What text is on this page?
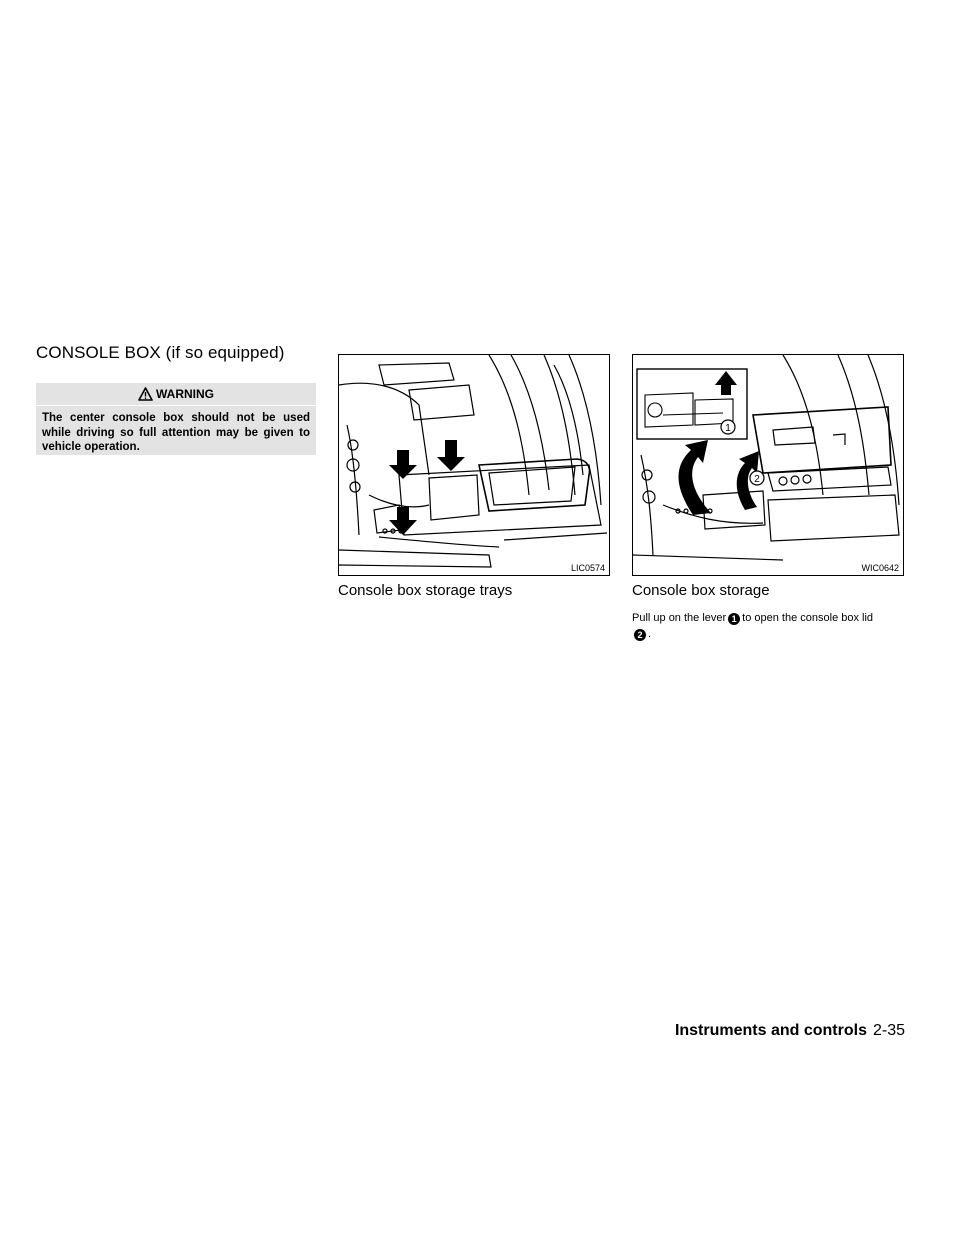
CONSOLE BOX (if so equipped)
WARNING
The center console box should not be used while driving so full attention may be given to vehicle operation.
LIC0574
1
2
WIC0642
Console box storage trays	Console box storage
Pull up on the lever 1 to open the console box lid
2 .
Instruments and controls 2-35
